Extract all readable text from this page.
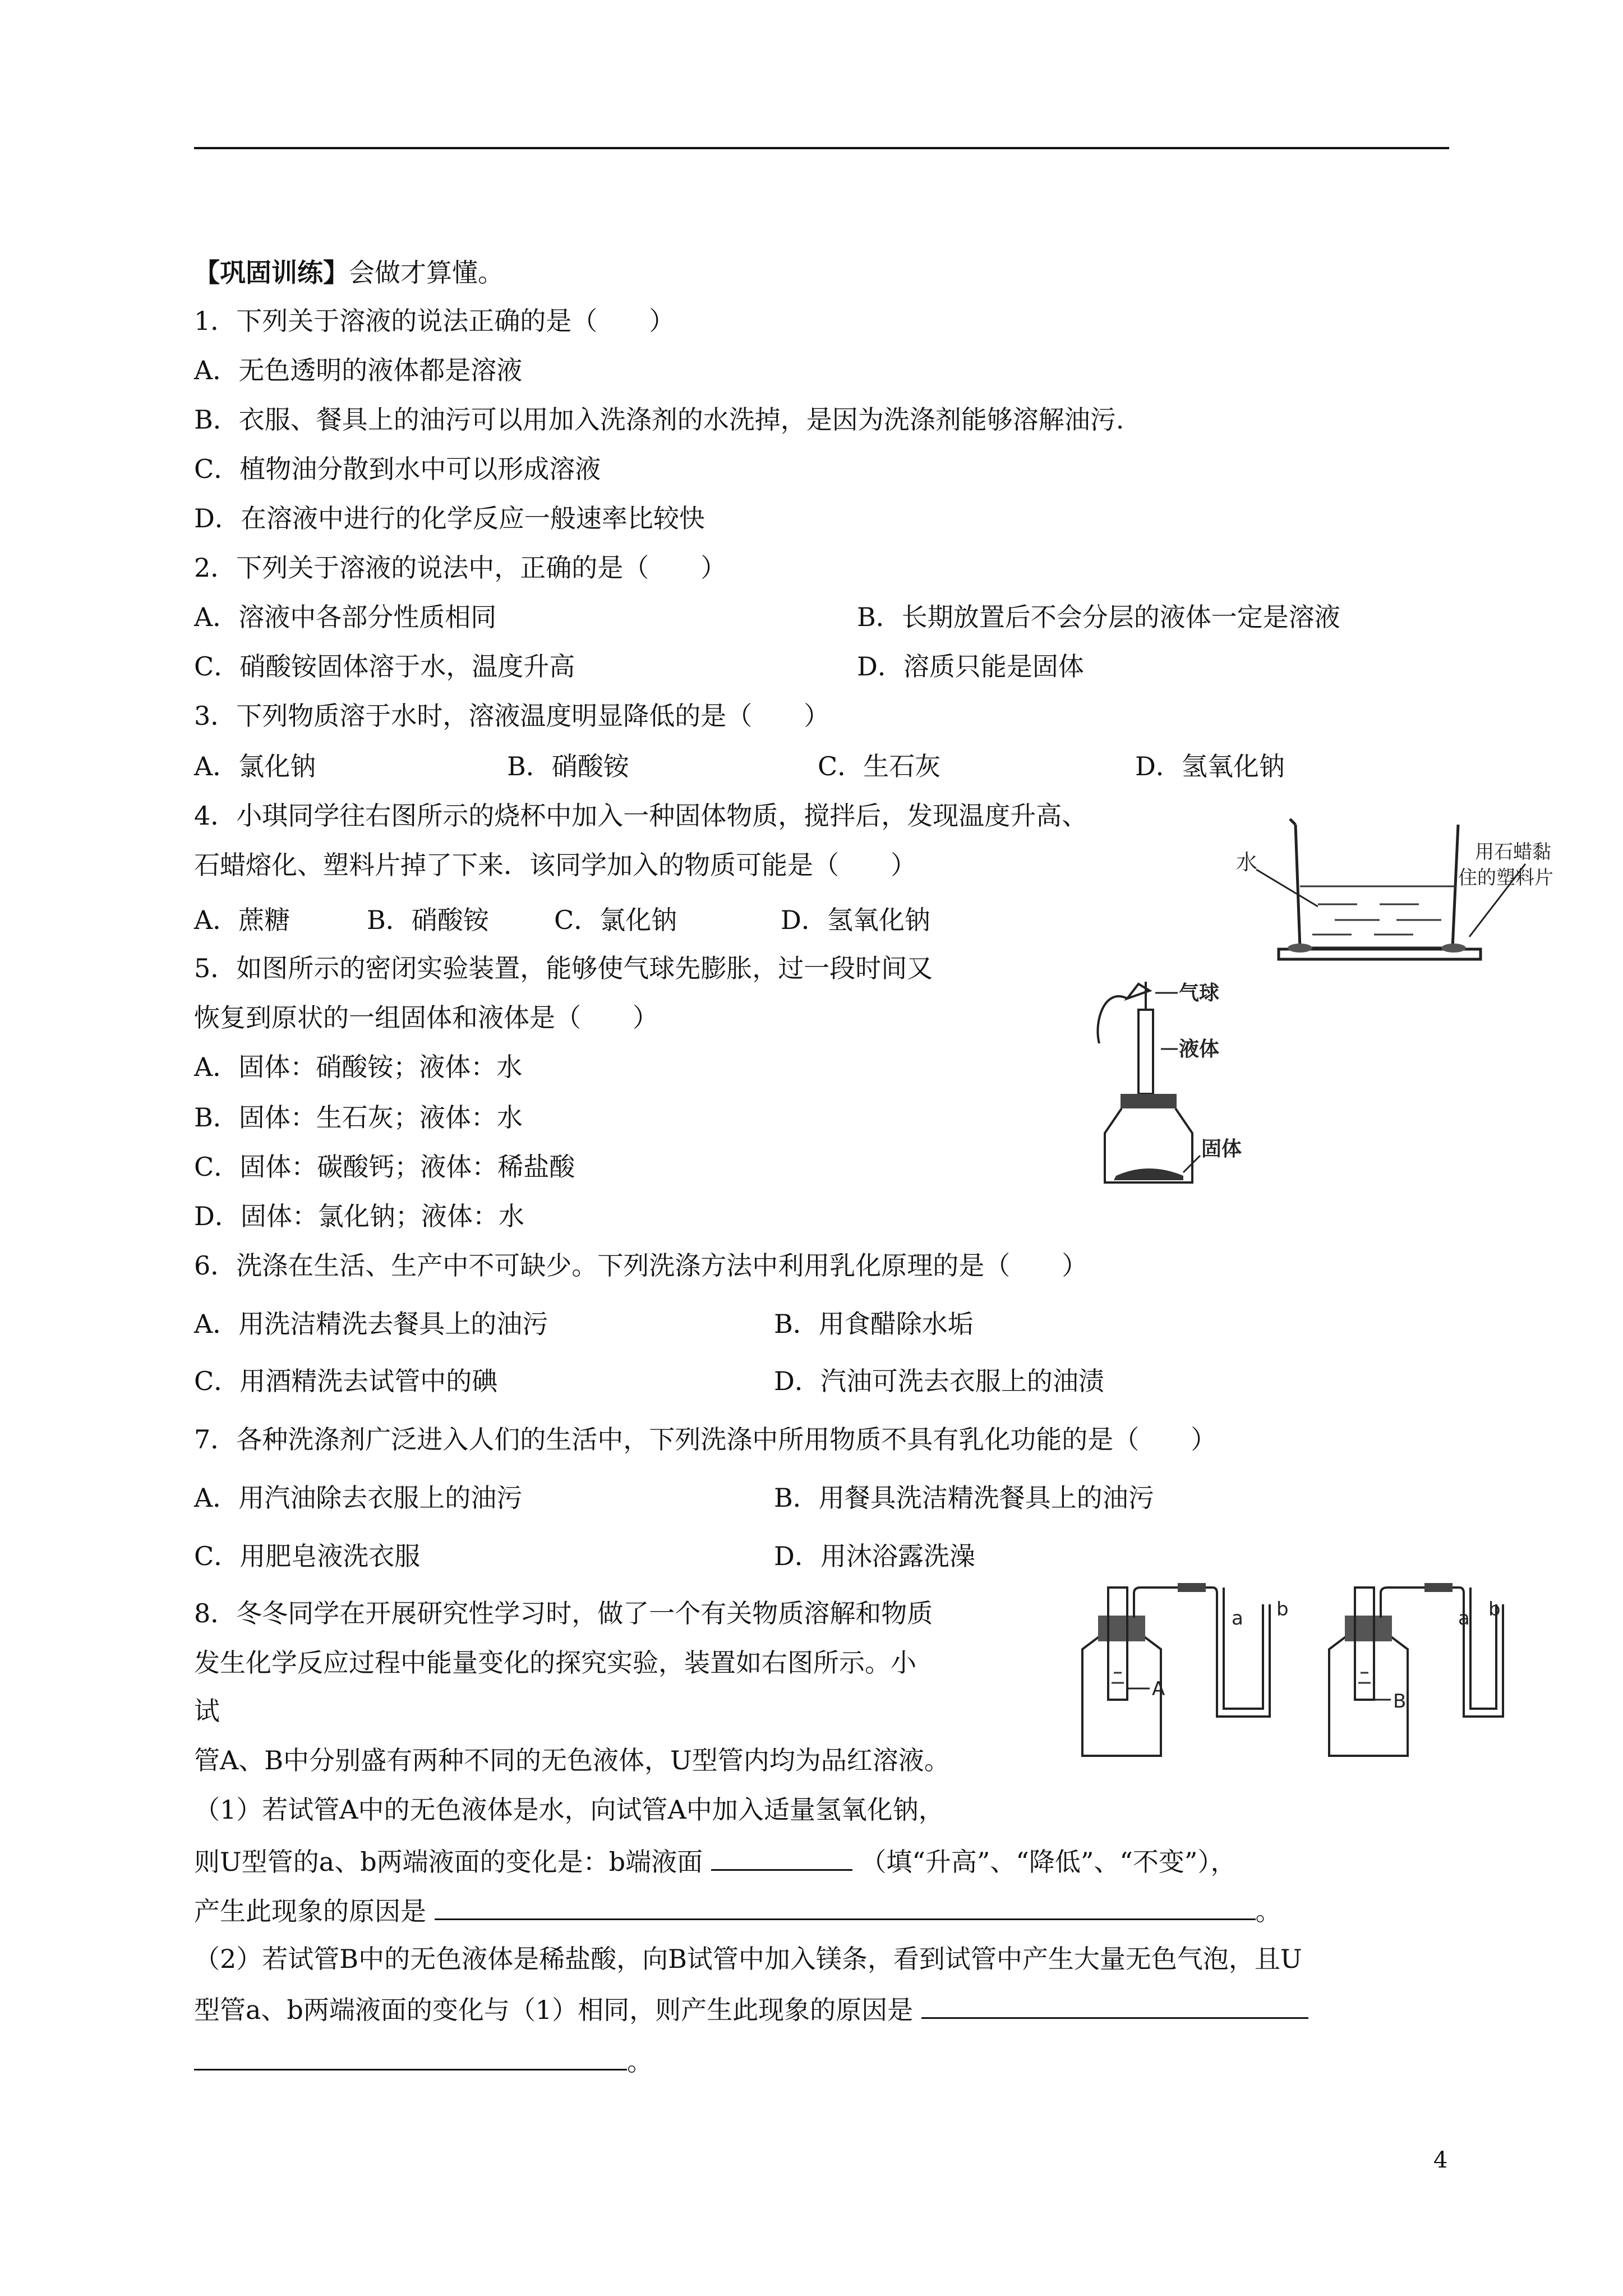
【巩固训练】会做才算懂。
1．下列关于溶液的说法正确的是（　　）
A．无色透明的液体都是溶液
B．衣服、餐具上的油污可以用加入洗涤剂的水洗掉，是因为洗涤剂能够溶解油污.
C．植物油分散到水中可以形成溶液
D．在溶液中进行的化学反应一般速率比较快
2．下列关于溶液的说法中，正确的是（　　）
A．溶液中各部分性质相同	B．长期放置后不会分层的液体一定是溶液
C．硝酸铵固体溶于水，温度升高	D．溶质只能是固体
3．下列物质溶于水时，溶液温度明显降低的是（　　）
A．氯化钠	B．硝酸铵	C．生石灰	D．氢氧化钠
4．小琪同学往右图所示的烧杯中加入一种固体物质，搅拌后，发现温度升高、
石蜡熔化、塑料片掉了下来．该同学加入的物质可能是（　　）
A．蔗糖	B．硝酸铵	C．氯化钠	D．氢氧化钠
水	用石蜡黏
住的塑料片
5．如图所示的密闭实验装置，能够使气球先膨胀，过一段时间又
恢复到原状的一组固体和液体是（　　）
A．固体：硝酸铵；液体：水
B．固体：生石灰；液体：水
C．固体：碳酸钙；液体：稀盐酸
D．固体：氯化钠；液体：水
气球
液体
固体
6．洗涤在生活、生产中不可缺少。下列洗涤方法中利用乳化原理的是（　　）
A．用洗洁精洗去餐具上的油污	B．用食醋除水垢
C．用酒精洗去试管中的碘	D．汽油可洗去衣服上的油渍
7．各种洗涤剂广泛进入人们的生活中，下列洗涤中所用物质不具有乳化功能的是（　　）
A．用汽油除去衣服上的油污	B．用餐具洗洁精洗餐具上的油污
C．用肥皂液洗衣服	D．用沐浴露洗澡
8．冬冬同学在开展研究性学习时，做了一个有关物质溶解和物质
发生化学反应过程中能量变化的探究实验，装置如右图所示。小
试
管A、B中分别盛有两种不同的无色液体，U型管内均为品红溶液。
（1）若试管A中的无色液体是水，向试管A中加入适量氢氧化钠，
则U型管的a、b两端液面的变化是：b端液面	（填“升高”、“降低”、“不变”），
产生此现象的原因是	。
（2）若试管B中的无色液体是稀盐酸，向B试管中加入镁条，看到试管中产生大量无色气泡，且U
型管a、b两端液面的变化与（1）相同，则产生此现象的原因是
。
a b
A
a b
B
4
